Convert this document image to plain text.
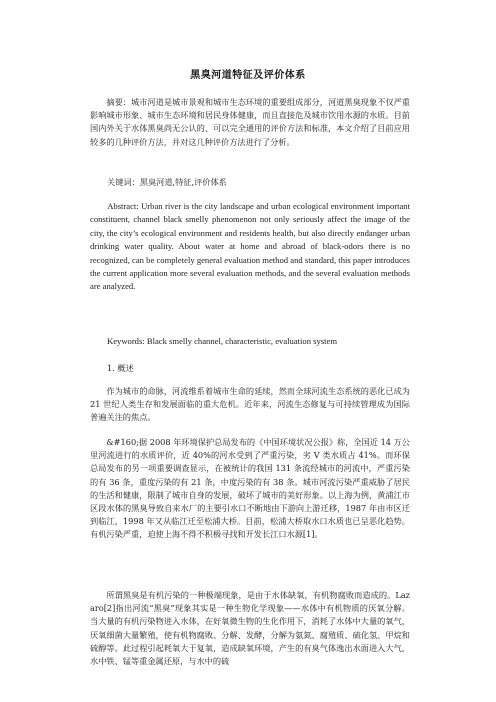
黑臭河道特征及评价体系
摘要：城市河道是城市景观和城市生态环境的重要组成部分，河道黑臭现象不仅严重影响城市形象、城市生态环境和居民身体健康，而且直接危及城市饮用水源的水质。目前国内外关于水体黑臭尚无公认的、可以完全通用的评价方法和标准，本文介绍了目前应用较多的几种评价方法，并对这几种评价方法进行了分析。
关键词：黑臭河道,特征,评价体系
Abstract: Urban river is the city landscape and urban ecological environment important constituent, channel black smelly phenomenon not only seriously affect the image of the city, the city’s ecological environment and residents health, but also directly endanger urban drinking water quality. About water at home and abroad of black-odors there is no recognized, can be completely general evaluation method and standard, this paper introduces the current application more several evaluation methods, and the several evaluation methods are analyzed.
Keywords: Black smelly channel, characteristic, evaluation system
1. 概述
作为城市的命脉，河流维系着城市生命的延续，然而全球河流生态系统的恶化已成为 21 世纪人类生存和发展面临的重大危机。近年来，河流生态修复与可持续管理成为国际普遍关注的焦点。
&#160;据 2008 年环境保护总局发布的《中国环境状况公报》称，全国近 14 万公里河流进行的水质评价，近 40%的河水受到了严重污染，劣 V 类水质占 41%。而环保总局发布的另一项重要调查显示，在被统计的我国 131 条流经城市的河流中，严重污染的有 36 条，重度污染的有 21 条，中度污染的有 38 条。城市河流污染严重威胁了居民的生活和健康，限制了城市自身的发展，破坏了城市的美好形象。以上海为例，黄浦江市区段水体的黑臭导致自来水厂的主要引水口不断地由下游向上游迁移，1987 年由市区迁到临江，1998 年又从临江迁至松浦大桥。目前，松浦大桥取水口水质也已呈恶化趋势。有机污染严重，迫使上海不得不积极寻找和开发长江口水源[1]。
所谓黑臭是有机污染的一种极端现象，是由于水体缺氧，有机物腐败而造成的。Lazaro[2]指出河流“黑臭”现象其实是一种生物化学现象——水体中有机物质的厌氧分解。当大量的有机污染物进入水体，在好氧微生物的生化作用下，消耗了水体中大量的氧气，厌氧细菌大量繁殖，使有机物腐败、分解、发酵，分解为氨氮、腐殖质、硫化氢、甲烷和硫醇等。此过程引起耗氧大于复氧，造成缺氧环境，产生的有臭气体逸出水面进入大气，水中铁、锰等重金属还原，与水中的硫
